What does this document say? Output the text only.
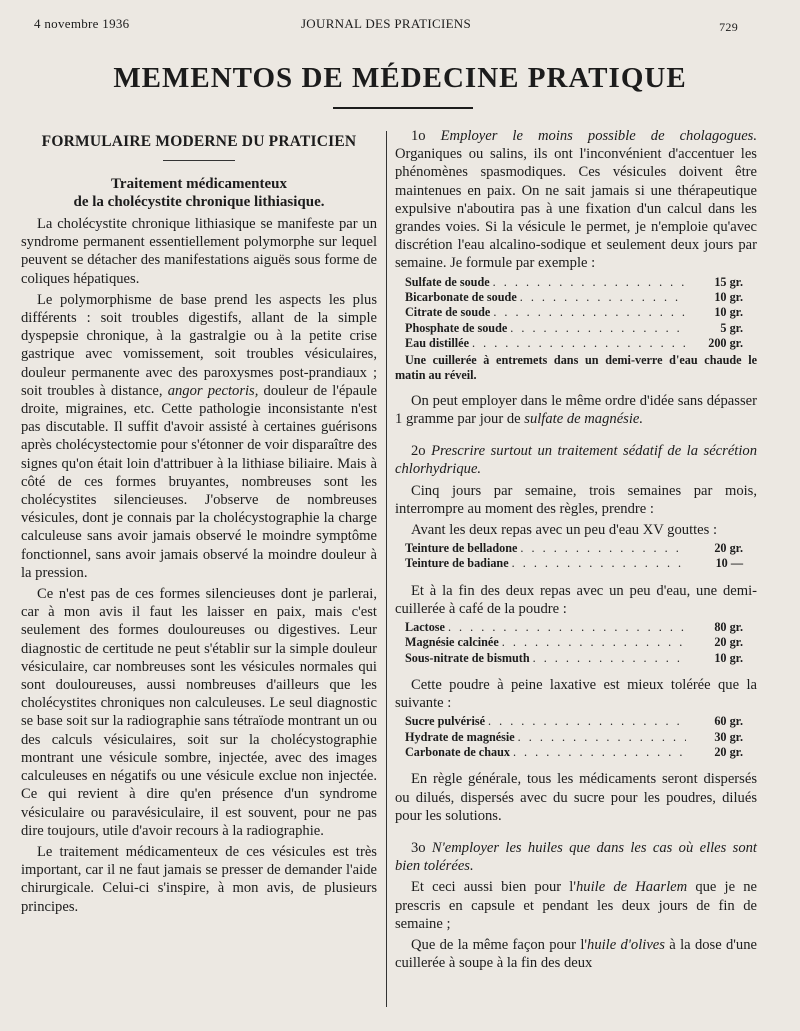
4 novembre 1936	JOURNAL DES PRATICIENS	729
MEMENTOS DE MÉDECINE PRATIQUE
FORMULAIRE MODERNE DU PRATICIEN
Traitement médicamenteux
de la cholécystite chronique lithiasique.

La cholécystite chronique lithiasique se manifeste par un syndrome permanent essentiellement polymorphe sur lequel peuvent se détacher des manifestations aiguës sous forme de coliques hépatiques.

Le polymorphisme de base prend les aspects les plus différents : soit troubles digestifs, allant de la simple dyspepsie chronique, à la gastralgie ou à la petite crise gastrique avec vomissement, soit troubles vésiculaires, douleur permanente avec des paroxysmes post-prandiaux ; soit troubles à distance, angor pectoris, douleur de l'épaule droite, migraines, etc. Cette pathologie inconsistante n'est pas discutable. Il suffit d'avoir assisté à certaines guérisons après cholécystectomie pour s'étonner de voir disparaître des signes qu'on était loin d'attribuer à la lithiase biliaire. Mais à côté de ces formes bruyantes, nombreuses sont les cholécystites silencieuses. J'observe de nombreuses vésicules, dont je connais par la cholécystographie la charge calculeuse sans avoir jamais observé le moindre symptôme fonctionnel, sans avoir jamais observé la moindre douleur à la pression.

Ce n'est pas de ces formes silencieuses dont je parlerai, car à mon avis il faut les laisser en paix, mais c'est seulement des formes douloureuses ou digestives. Leur diagnostic de certitude ne peut s'établir sur la simple douleur vésiculaire, car nombreuses sont les vésicules normales qui sont douloureuses, aussi nombreuses d'ailleurs que les cholécystites chroniques non calculeuses. Le seul diagnostic se base soit sur la radiographie sans tétraïode montrant un ou des calculs vésiculaires, soit sur la cholécystographie montrant une vésicule sombre, injectée, avec des images calculeuses en négatifs ou une vésicule exclue non injectée. Ce qui revient à dire qu'en présence d'un syndrome vésiculaire ou paravésiculaire, il est souvent, pour ne pas dire toujours, utile d'avoir recours à la radiographie.

Le traitement médicamenteux de ces vésicules est très important, car il ne faut jamais se presser de demander l'aide chirurgicale. Celui-ci s'inspire, à mon avis, de plusieurs principes.

1o Employer le moins possible de cholagogues. Organiques ou salins, ils ont l'inconvénient d'accentuer les phénomènes spasmodiques. Ces vésicules doivent être maintenues en paix. On ne sait jamais si une thérapeutique expulsive n'aboutira pas à une fixation d'un calcul dans les grandes voies. Si la vésicule le permet, je n'emploie qu'avec discrétion l'eau alcalino-sodique et seulement deux jours par semaine. Je formule par exemple :

Sulfate de soude . . .	15 gr.
Bicarbonate de soude . . .	10 gr.
Citrate de soude . . .	10 gr.
Phosphate de soude . . .	5 gr.
Eau distillée . . .	200 gr.

Une cuillerée à entremets dans un demi-verre d'eau chaude le matin au réveil.

On peut employer dans le même ordre d'idée sans dépasser 1 gramme par jour de sulfate de magnésie.

2o Prescrire surtout un traitement sédatif de la sécrétion chlorhydrique.

Cinq jours par semaine, trois semaines par mois, interrompre au moment des règles, prendre :

Avant les deux repas avec un peu d'eau XV gouttes :

Teinture de belladone . . .	20 gr.
Teinture de badiane . . .	10 —

Et à la fin des deux repas avec un peu d'eau, une demi-cuillerée à café de la poudre :

Lactose . . .	80 gr.
Magnésie calcinée . . .	20 gr.
Sous-nitrate de bismuth . . .	10 gr.

Cette poudre à peine laxative est mieux tolérée que la suivante :

Sucre pulvérisé . . .	60 gr.
Hydrate de magnésie . . .	30 gr.
Carbonate de chaux . . .	20 gr.

En règle générale, tous les médicaments seront dispersés ou dilués, dispersés avec du sucre pour les poudres, dilués pour les solutions.

3o N'employer les huiles que dans les cas où elles sont bien tolérées.

Et ceci aussi bien pour l'huile de Haarlem que je ne prescris en capsule et pendant les deux jours de fin de semaine ;

Que de la même façon pour l'huile d'olives à la dose d'une cuillerée à soupe à la fin des deux
